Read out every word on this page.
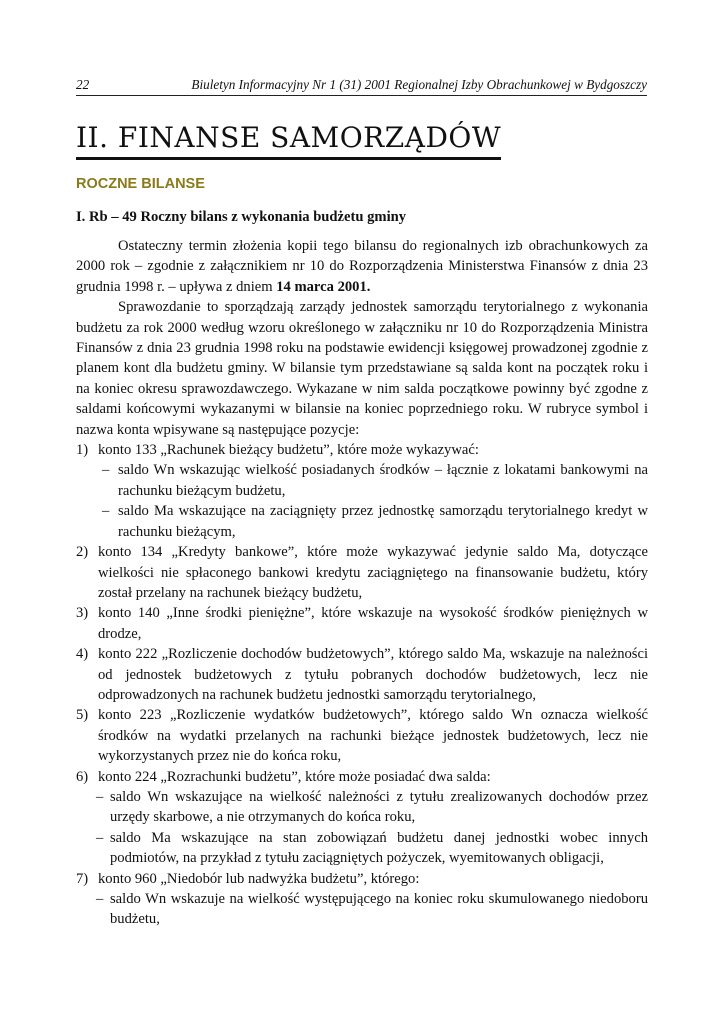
22	Biuletyn Informacyjny Nr 1 (31) 2001 Regionalnej Izby Obrachunkowej w Bydgoszczy
II. FINANSE SAMORZĄDÓW
ROCZNE BILANSE
I. Rb – 49 Roczny bilans z wykonania budżetu gminy

Ostateczny termin złożenia kopii tego bilansu do regionalnych izb obrachunkowych za 2000 rok – zgodnie z załącznikiem nr 10 do Rozporządzenia Ministerstwa Finansów z dnia 23 grudnia 1998 r. – upływa z dniem 14 marca 2001.

Sprawozdanie to sporządzają zarządy jednostek samorządu terytorialnego z wykonania budżetu za rok 2000 według wzoru określonego w załączniku nr 10 do Rozporządzenia Ministra Finansów z dnia 23 grudnia 1998 roku na podstawie ewidencji księgowej prowadzonej zgodnie z planem kont dla budżetu gminy. W bilansie tym przedstawiane są salda kont na początek roku i na koniec okresu sprawozdawczego. Wykazane w nim salda początkowe powinny być zgodne z saldami końcowymi wykazanymi w bilansie na koniec poprzedniego roku. W rubryce symbol i nazwa konta wpisywane są następujące pozycje:

1) konto 133 „Rachunek bieżący budżetu”, które może wykazywać:
– saldo Wn wskazując wielkość posiadanych środków – łącznie z lokatami bankowymi na rachunku bieżącym budżetu,
– saldo Ma wskazujące na zaciągnięty przez jednostkę samorządu terytorialnego kredyt w rachunku bieżącym,
2) konto 134 „Kredyty bankowe”, które może wykazywać jedynie saldo Ma, dotyczące wielkości nie spłaconego bankowi kredytu zaciągniętego na finansowanie budżetu, który został przelany na rachunek bieżący budżetu,
3) konto 140 „Inne środki pieniężne”, które wskazuje na wysokość środków pieniężnych w drodze,
4) konto 222 „Rozliczenie dochodów budżetowych”, którego saldo Ma, wskazuje na należności od jednostek budżetowych z tytułu pobranych dochodów budżetowych, lecz nie odprowadzonych na rachunek budżetu jednostki samorządu terytorialnego,
5) konto 223 „Rozliczenie wydatków budżetowych”, którego saldo Wn oznacza wielkość środków na wydatki przelanych na rachunki bieżące jednostek budżetowych, lecz nie wykorzystanych przez nie do końca roku,
6) konto 224 „Rozrachunki budżetu”, które może posiadać dwa salda:
– saldo Wn wskazujące na wielkość należności z tytułu zrealizowanych dochodów przez urzędy skarbowe, a nie otrzymanych do końca roku,
– saldo Ma wskazujące na stan zobowiązań budżetu danej jednostki wobec innych podmiotów, na przykład z tytułu zaciągniętych pożyczek, wyemitowanych obligacji,
7) konto 960 „Niedobór lub nadwyżka budżetu”, którego:
– saldo Wn wskazuje na wielkość występującego na koniec roku skumulowanego niedoboru budżetu,
